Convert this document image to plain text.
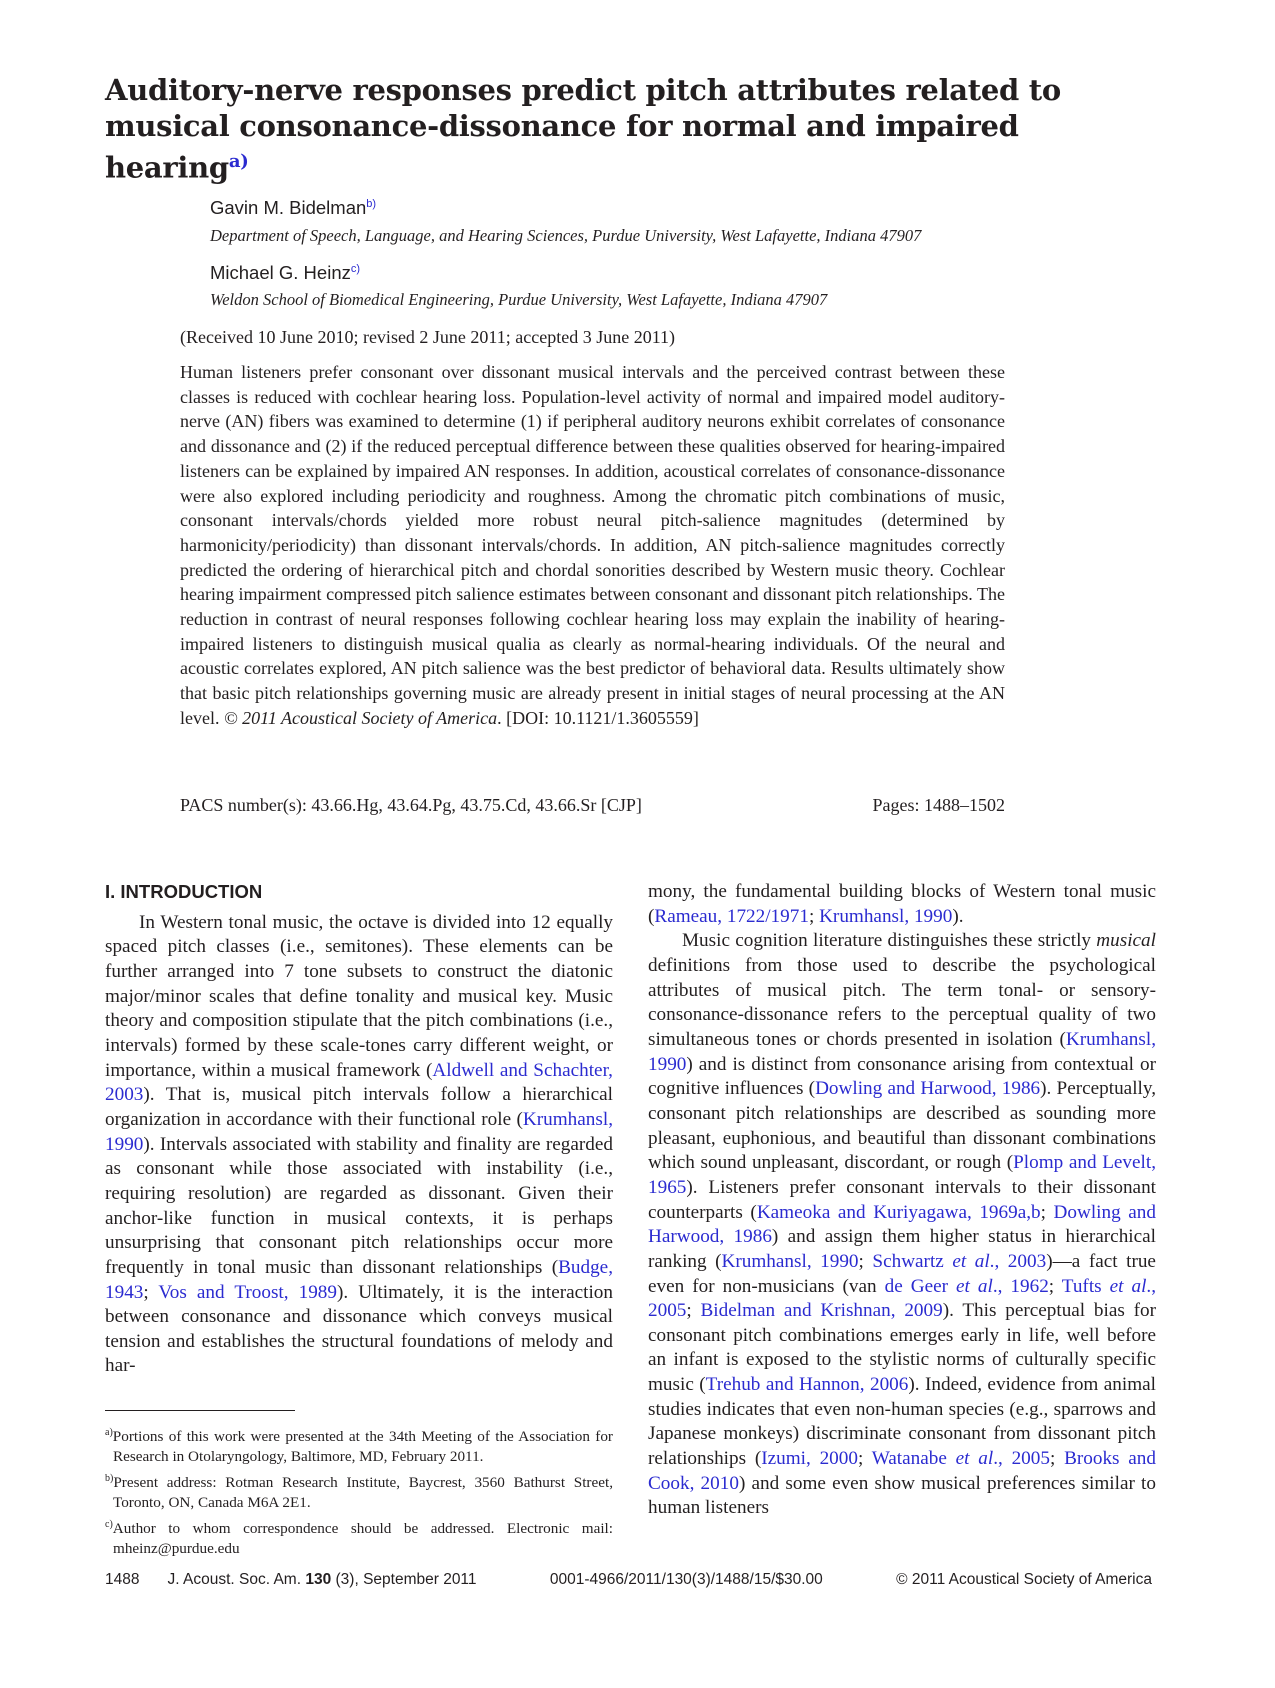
Auditory-nerve responses predict pitch attributes related to musical consonance-dissonance for normal and impaired hearing$^{a)}$
Gavin M. Bidelman$^{b)}$
Department of Speech, Language, and Hearing Sciences, Purdue University, West Lafayette, Indiana 47907
Michael G. Heinz$^{c)}$
Weldon School of Biomedical Engineering, Purdue University, West Lafayette, Indiana 47907
(Received 10 June 2010; revised 2 June 2011; accepted 3 June 2011)
Human listeners prefer consonant over dissonant musical intervals and the perceived contrast between these classes is reduced with cochlear hearing loss. Population-level activity of normal and impaired model auditory-nerve (AN) fibers was examined to determine (1) if peripheral auditory neurons exhibit correlates of consonance and dissonance and (2) if the reduced perceptual difference between these qualities observed for hearing-impaired listeners can be explained by impaired AN responses. In addition, acoustical correlates of consonance-dissonance were also explored including periodicity and roughness. Among the chromatic pitch combinations of music, consonant intervals/chords yielded more robust neural pitch-salience magnitudes (determined by harmonicity/periodicity) than dissonant intervals/chords. In addition, AN pitch-salience magnitudes correctly predicted the ordering of hierarchical pitch and chordal sonorities described by Western music theory. Cochlear hearing impairment compressed pitch salience estimates between consonant and dissonant pitch relationships. The reduction in contrast of neural responses following cochlear hearing loss may explain the inability of hearing-impaired listeners to distinguish musical qualia as clearly as normal-hearing individuals. Of the neural and acoustic correlates explored, AN pitch salience was the best predictor of behavioral data. Results ultimately show that basic pitch relationships governing music are already present in initial stages of neural processing at the AN level. © 2011 Acoustical Society of America. [DOI: 10.1121/1.3605559]
PACS number(s): 43.66.Hg, 43.64.Pg, 43.75.Cd, 43.66.Sr [CJP]	Pages: 1488–1502
I. INTRODUCTION

In Western tonal music, the octave is divided into 12 equally spaced pitch classes (i.e., semitones). These elements can be further arranged into 7 tone subsets to construct the diatonic major/minor scales that define tonality and musical key. Music theory and composition stipulate that the pitch combinations (i.e., intervals) formed by these scale-tones carry different weight, or importance, within a musical framework (Aldwell and Schachter, 2003). That is, musical pitch intervals follow a hierarchical organization in accordance with their functional role (Krumhansl, 1990). Intervals associated with stability and finality are regarded as consonant while those associated with instability (i.e., requiring resolution) are regarded as dissonant. Given their anchor-like function in musical contexts, it is perhaps unsurprising that consonant pitch relationships occur more frequently in tonal music than dissonant relationships (Budge, 1943; Vos and Troost, 1989). Ultimately, it is the interaction between consonance and dissonance which conveys musical tension and establishes the structural foundations of melody and har-

$^{a)}$Portions of this work were presented at the 34th Meeting of the Association for Research in Otolaryngology, Baltimore, MD, February 2011.
$^{b)}$Present address: Rotman Research Institute, Baycrest, 3560 Bathurst Street, Toronto, ON, Canada M6A 2E1.
$^{c)}$Author to whom correspondence should be addressed. Electronic mail: mheinz@purdue.edu

mony, the fundamental building blocks of Western tonal music (Rameau, 1722/1971; Krumhansl, 1990).

Music cognition literature distinguishes these strictly musical definitions from those used to describe the psychological attributes of musical pitch. The term tonal- or sensory-consonance-dissonance refers to the perceptual quality of two simultaneous tones or chords presented in isolation (Krumhansl, 1990) and is distinct from consonance arising from contextual or cognitive influences (Dowling and Harwood, 1986). Perceptually, consonant pitch relationships are described as sounding more pleasant, euphonious, and beautiful than dissonant combinations which sound unpleasant, discordant, or rough (Plomp and Levelt, 1965). Listeners prefer consonant intervals to their dissonant counterparts (Kameoka and Kuriyagawa, 1969a,b; Dowling and Harwood, 1986) and assign them higher status in hierarchical ranking (Krumhansl, 1990; Schwartz et al., 2003)—a fact true even for non-musicians (van de Geer et al., 1962; Tufts et al., 2005; Bidelman and Krishnan, 2009). This perceptual bias for consonant pitch combinations emerges early in life, well before an infant is exposed to the stylistic norms of culturally specific music (Trehub and Hannon, 2006). Indeed, evidence from animal studies indicates that even non-human species (e.g., sparrows and Japanese monkeys) discriminate consonant from dissonant pitch relationships (Izumi, 2000; Watanabe et al., 2005; Brooks and Cook, 2010) and some even show musical preferences similar to human listeners

1488 J. Acoust. Soc. Am. 130 (3), September 2011	0001-4966/2011/130(3)/1488/15/$30.00	© 2011 Acoustical Society of America
